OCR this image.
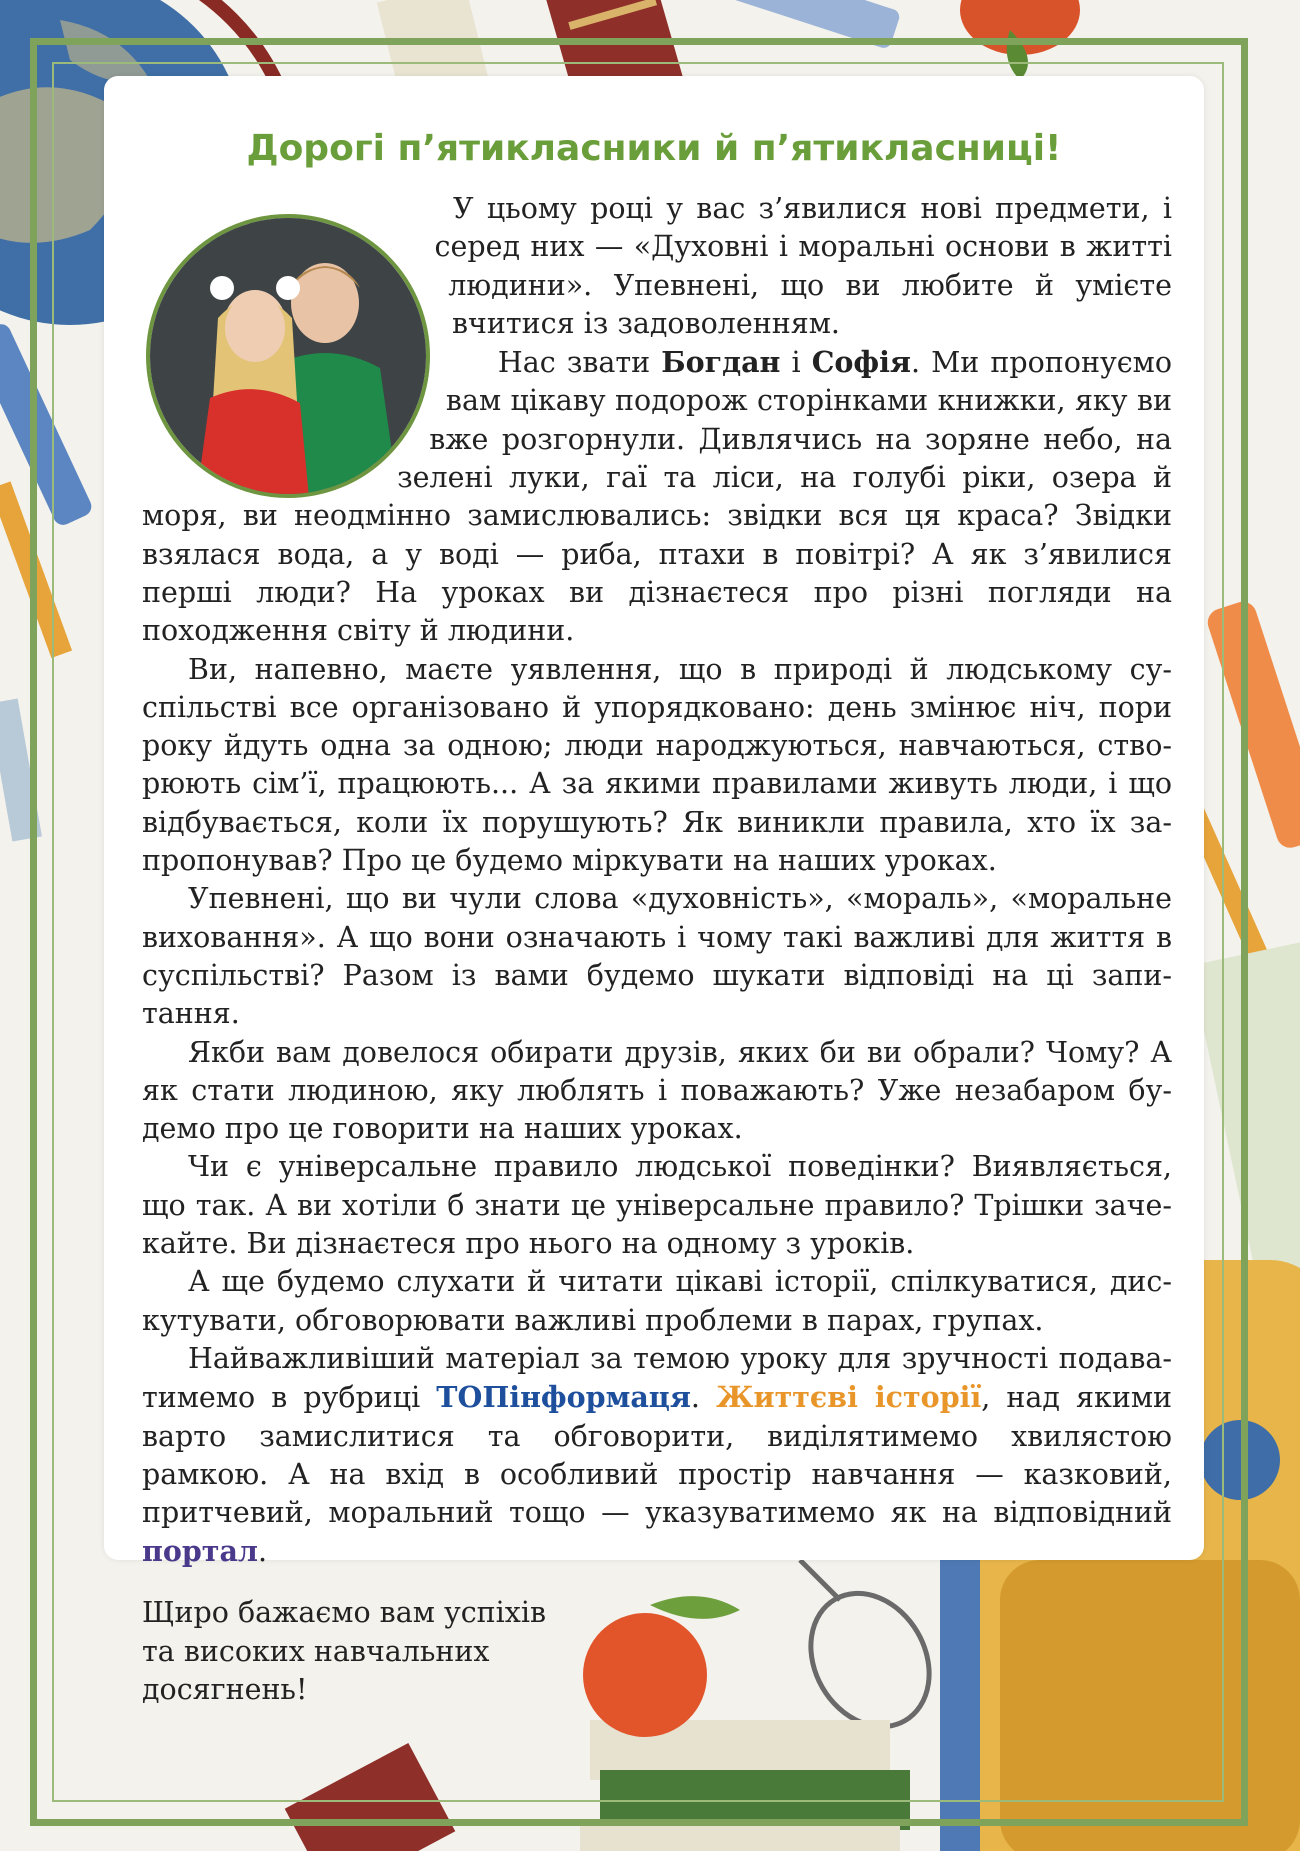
Дорогі п’ятикласники й п’ятикласниці!

У цьому році у вас з’явилися нові предмети, і серед них — «Духовні і моральні основи в житті людини». Упевнені, що ви любите й умієте вчитися із задоволенням.

Нас звати Богдан і Софія. Ми пропонуємо вам цікаву подорож сторінками книжки, яку ви вже розгорнули. Дивлячись на зоряне небо, на зелені луки, гаї та ліси, на голубі ріки, озера й моря, ви неодмінно замислювались: звідки вся ця краса? Звідки взялася вода, а у воді — риба, птахи в повітрі? А як з’явилися перші люди? На уроках ви дізнаєтеся про різні погляди на походження світу й людини.

Ви, напевно, маєте уявлення, що в природі й людському суспільстві все організовано й упорядковано: день змінює ніч, пори року йдуть одна за одною; люди народжуються, навчаються, створюють сім’ї, працюють... А за якими правилами живуть люди, і що відбувається, коли їх порушують? Як виникли правила, хто їх запропонував? Про це будемо міркувати на наших уроках.

Упевнені, що ви чули слова «духовність», «мораль», «моральне виховання». А що вони означають і чому такі важливі для життя в суспільстві? Разом із вами будемо шукати відповіді на ці запитання.

Якби вам довелося обирати друзів, яких би ви обрали? Чому? А як стати людиною, яку люблять і поважають? Уже незабаром будемо про це говорити на наших уроках.

Чи є універсальне правило людської поведінки? Виявляється, що так. А ви хотіли б знати це універсальне правило? Трішки зачекайте. Ви дізнаєтеся про нього на одному з уроків.

А ще будемо слухати й читати цікаві історії, спілкуватися, дискутувати, обговорювати важливі проблеми в парах, групах.

Найважливіший матеріал за темою уроку для зручності подаватимемо в рубриці ТОПінформаця. Життєві історії, над якими варто замислитися та обговорити, виділятимемо хвилястою рамкою. А на вхід в особливий простір навчання — казковий, притчевий, моральний тощо — указуватимемо як на відповідний портал.

Щиро бажаємо вам успіхів
та високих навчальних
досягнень!
